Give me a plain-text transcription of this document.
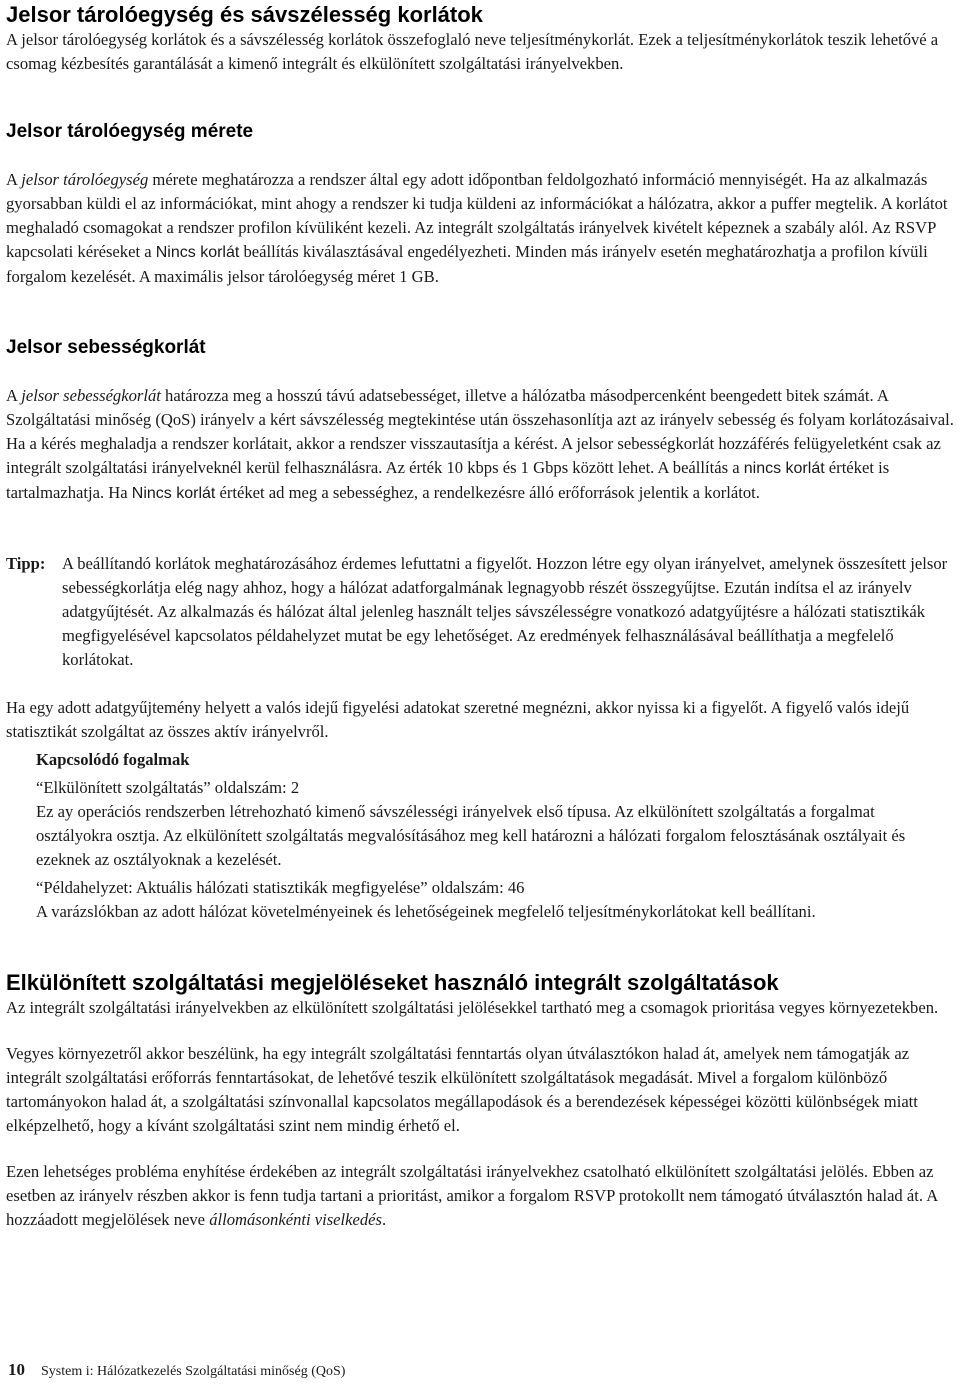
Jelsor tárolóegység és sávszélesség korlátok

A jelsor tárolóegység korlátok és a sávszélesség korlátok összefoglaló neve teljesítménykorlát. Ezek a teljesítménykorlátok teszik lehetővé a csomag kézbesítés garantálását a kimenő integrált és elkülönített szolgáltatási irányelvekben.

Jelsor tárolóegység mérete

A jelsor tárolóegység mérete meghatározza a rendszer által egy adott időpontban feldolgozható információ mennyiségét. Ha az alkalmazás gyorsabban küldi el az információkat, mint ahogy a rendszer ki tudja küldeni az információkat a hálózatra, akkor a puffer megtelik. A korlátot meghaladó csomagokat a rendszer profilon kívüliként kezeli. Az integrált szolgáltatás irányelvek kivételt képeznek a szabály alól. Az RSVP kapcsolati kéréseket a Nincs korlát beállítás kiválasztásával engedélyezheti. Minden más irányelv esetén meghatározhatja a profilon kívüli forgalom kezelését. A maximális jelsor tárolóegység méret 1 GB.

Jelsor sebességkorlát

A jelsor sebességkorlát határozza meg a hosszú távú adatsebességet, illetve a hálózatba másodpercenként beengedett bitek számát. A Szolgáltatási minőség (QoS) irányelv a kért sávszélesség megtekintése után összehasonlítja azt az irányelv sebesség és folyam korlátozásaival. Ha a kérés meghaladja a rendszer korlátait, akkor a rendszer visszautasítja a kérést. A jelsor sebességkorlát hozzáférés felügyeletként csak az integrált szolgáltatási irányelveknél kerül felhasználásra. Az érték 10 kbps és 1 Gbps között lehet. A beállítás a nincs korlát értéket is tartalmazhatja. Ha Nincs korlát értéket ad meg a sebességhez, a rendelkezésre álló erőforrások jelentik a korlátot.

Tipp:	A beállítandó korlátok meghatározásához érdemes lefuttatni a figyelőt. Hozzon létre egy olyan irányelvet, amelynek összesített jelsor sebességkorlátja elég nagy ahhoz, hogy a hálózat adatforgalmának legnagyobb részét összegyűjtse. Ezután indítsa el az irányelv adatgyűjtését. Az alkalmazás és hálózat által jelenleg használt teljes sávszélességre vonatkozó adatgyűjtésre a hálózati statisztikák megfigyelésével kapcsolatos példahelyzet mutat be egy lehetőséget. Az eredmények felhasználásával beállíthatja a megfelelő korlátokat.

Ha egy adott adatgyűjtemény helyett a valós idejű figyelési adatokat szeretné megnézni, akkor nyissa ki a figyelőt. A figyelő valós idejű statisztikát szolgáltat az összes aktív irányelvről.

Kapcsolódó fogalmak

“Elkülönített szolgáltatás” oldalszám: 2

Ez ay operációs rendszerben létrehozható kimenő sávszélességi irányelvek első típusa. Az elkülönített szolgáltatás a forgalmat osztályokra osztja. Az elkülönített szolgáltatás megvalósításához meg kell határozni a hálózati forgalom felosztásának osztályait és ezeknek az osztályoknak a kezelését.

“Példahelyzet: Aktuális hálózati statisztikák megfigyelése” oldalszám: 46

A varázslókban az adott hálózat követelményeinek és lehetőségeinek megfelelő teljesítménykorlátokat kell beállítani.

Elkülönített szolgáltatási megjelöléseket használó integrált szolgáltatások

Az integrált szolgáltatási irányelvekben az elkülönített szolgáltatási jelölésekkel tartható meg a csomagok prioritása vegyes környezetekben.

Vegyes környezetről akkor beszélünk, ha egy integrált szolgáltatási fenntartás olyan útválasztókon halad át, amelyek nem támogatják az integrált szolgáltatási erőforrás fenntartásokat, de lehetővé teszik elkülönített szolgáltatások megadását. Mivel a forgalom különböző tartományokon halad át, a szolgáltatási színvonallal kapcsolatos megállapodások és a berendezések képességei közötti különbségek miatt elképzelhető, hogy a kívánt szolgáltatási szint nem mindig érhető el.

Ezen lehetséges probléma enyhítése érdekében az integrált szolgáltatási irányelvekhez csatolható elkülönített szolgáltatási jelölés. Ebben az esetben az irányelv részben akkor is fenn tudja tartani a prioritást, amikor a forgalom RSVP protokollt nem támogató útválasztón halad át. A hozzáadott megjelölések neve állomásonkénti viselkedés.

10 System i: Hálózatkezelés Szolgáltatási minőség (QoS)
